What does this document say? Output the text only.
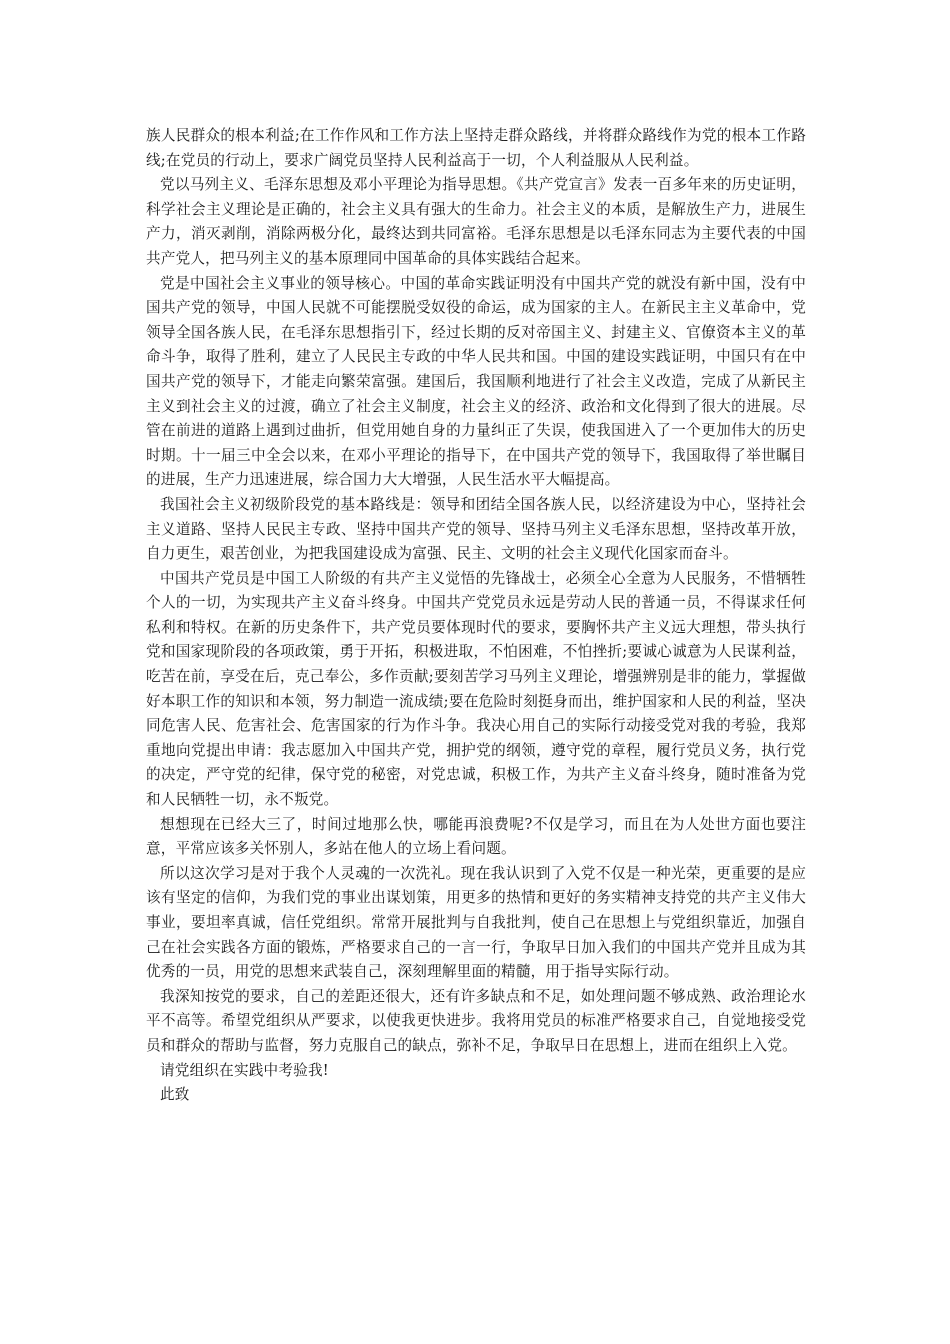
族人民群众的根本利益;在工作作风和工作方法上坚持走群众路线，并将群众路线作为党的根本工作路线;在党员的行动上，要求广阔党员坚持人民利益高于一切，个人利益服从人民利益。

党以马列主义、毛泽东思想及邓小平理论为指导思想。《共产党宣言》发表一百多年来的历史证明，科学社会主义理论是正确的，社会主义具有强大的生命力。社会主义的本质，是解放生产力，进展生产力，消灭剥削，消除两极分化，最终达到共同富裕。毛泽东思想是以毛泽东同志为主要代表的中国共产党人，把马列主义的基本原理同中国革命的具体实践结合起来。

党是中国社会主义事业的领导核心。中国的革命实践证明没有中国共产党的就没有新中国，没有中国共产党的领导，中国人民就不可能摆脱受奴役的命运，成为国家的主人。在新民主主义革命中，党领导全国各族人民，在毛泽东思想指引下，经过长期的反对帝国主义、封建主义、官僚资本主义的革命斗争，取得了胜利，建立了人民民主专政的中华人民共和国。中国的建设实践证明，中国只有在中国共产党的领导下，才能走向繁荣富强。建国后，我国顺利地进行了社会主义改造，完成了从新民主主义到社会主义的过渡，确立了社会主义制度，社会主义的经济、政治和文化得到了很大的进展。尽管在前进的道路上遇到过曲折，但党用她自身的力量纠正了失误，使我国进入了一个更加伟大的历史时期。十一届三中全会以来，在邓小平理论的指导下，在中国共产党的领导下，我国取得了举世瞩目的进展，生产力迅速进展，综合国力大大增强，人民生活水平大幅提高。

我国社会主义初级阶段党的基本路线是：领导和团结全国各族人民，以经济建设为中心，坚持社会主义道路、坚持人民民主专政、坚持中国共产党的领导、坚持马列主义毛泽东思想，坚持改革开放，自力更生，艰苦创业，为把我国建设成为富强、民主、文明的社会主义现代化国家而奋斗。

中国共产党员是中国工人阶级的有共产主义觉悟的先锋战士，必须全心全意为人民服务，不惜牺牲个人的一切，为实现共产主义奋斗终身。中国共产党党员永远是劳动人民的普通一员，不得谋求任何私利和特权。在新的历史条件下，共产党员要体现时代的要求，要胸怀共产主义远大理想，带头执行党和国家现阶段的各项政策，勇于开拓，积极进取，不怕困难，不怕挫折;要诚心诚意为人民谋利益，吃苦在前，享受在后，克己奉公，多作贡献;要刻苦学习马列主义理论，增强辨别是非的能力，掌握做好本职工作的知识和本领，努力制造一流成绩;要在危险时刻挺身而出，维护国家和人民的利益，坚决同危害人民、危害社会、危害国家的行为作斗争。我决心用自己的实际行动接受党对我的考验，我郑重地向党提出申请：我志愿加入中国共产党，拥护党的纲领，遵守党的章程，履行党员义务，执行党的决定，严守党的纪律，保守党的秘密，对党忠诚，积极工作，为共产主义奋斗终身，随时准备为党和人民牺牲一切，永不叛党。

想想现在已经大三了，时间过地那么快，哪能再浪费呢?不仅是学习，而且在为人处世方面也要注意，平常应该多关怀别人，多站在他人的立场上看问题。

所以这次学习是对于我个人灵魂的一次洗礼。现在我认识到了入党不仅是一种光荣，更重要的是应该有坚定的信仰，为我们党的事业出谋划策，用更多的热情和更好的务实精神支持党的共产主义伟大事业，要坦率真诚，信任党组织。常常开展批判与自我批判，使自己在思想上与党组织靠近，加强自己在社会实践各方面的锻炼，严格要求自己的一言一行，争取早日加入我们的中国共产党并且成为其优秀的一员，用党的思想来武装自己，深刻理解里面的精髓，用于指导实际行动。

我深知按党的要求，自己的差距还很大，还有许多缺点和不足，如处理问题不够成熟、政治理论水平不高等。希望党组织从严要求，以使我更快进步。我将用党员的标准严格要求自己，自觉地接受党员和群众的帮助与监督，努力克服自己的缺点，弥补不足，争取早日在思想上，进而在组织上入党。

请党组织在实践中考验我!

此致
